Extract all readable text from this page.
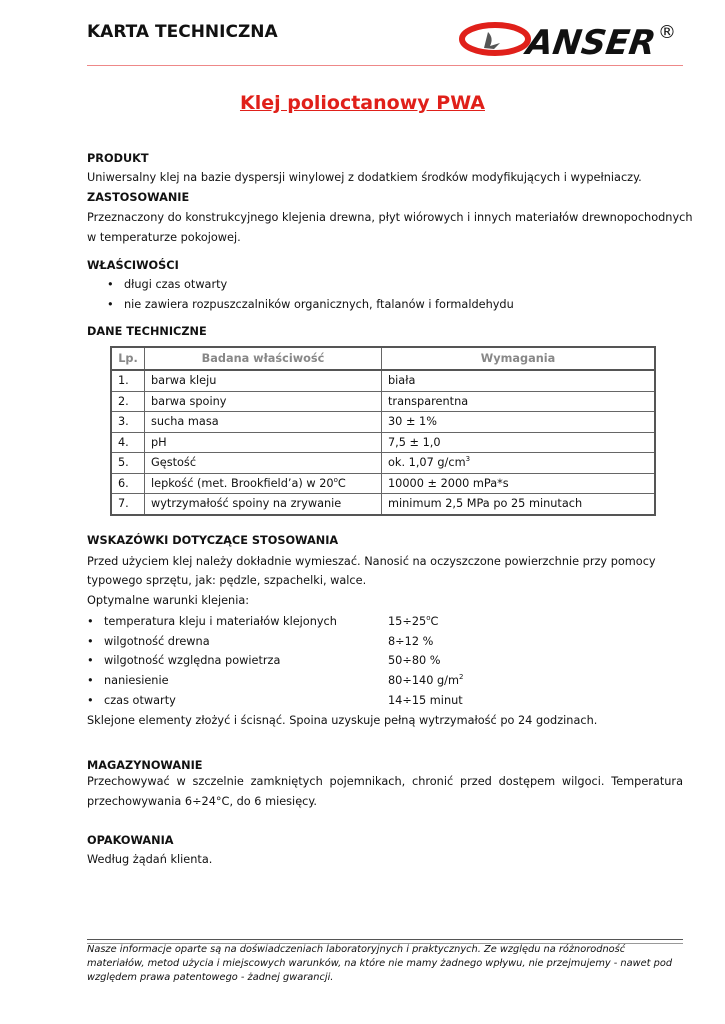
KARTA TECHNICZNA	ANSER ®
Klej polioctanowy PWA
PRODUKT
Uniwersalny klej na bazie dyspersji winylowej z dodatkiem środków modyfikujących i wypełniaczy.
ZASTOSOWANIE
Przeznaczony do konstrukcyjnego klejenia drewna, płyt wiórowych i innych materiałów drewnopochodnych
w temperaturze pokojowej.
WŁAŚCIWOŚCI
• długi czas otwarty
• nie zawiera rozpuszczalników organicznych, ftalanów i formaldehydu
DANE TECHNICZNE
Lp.	Badana właściwość	Wymagania
1.	barwa kleju	biała
2.	barwa spoiny	transparentna
3.	sucha masa	30 ± 1%
4.	pH	7,5 ± 1,0
5.	Gęstość	ok. 1,07 $g/cm^3$
6.	lepkość (met. Brookfield’a) w 20$^o$C	10000 ± 2000 mPa*s
7.	wytrzymałość spoiny na zrywanie	minimum 2,5 MPa po 25 minutach
WSKAZÓWKI DOTYCZĄCE STOSOWANIA
Przed użyciem klej należy dokładnie wymieszać. Nanosić na oczyszczone powierzchnie przy pomocy
typowego sprzętu, jak: pędzle, szpachelki, walce.
Optymalne warunki klejenia:
• temperatura kleju i materiałów klejonych	$15\div 25^oC$
• wilgotność drewna	8÷12 %
• wilgotność względna powietrza	50÷80 %
• naniesienie	80÷140 $g/m^2$
• czas otwarty	14÷15 minut
Sklejone elementy złożyć i ścisnąć. Spoina uzyskuje pełną wytrzymałość po 24 godzinach.
MAGAZYNOWANIE
Przechowywać w szczelnie zamkniętych pojemnikach, chronić przed dostępem wilgoci. Temperatura
przechowywania 6÷24°C, do 6 miesięcy.
OPAKOWANIA
Według żądań klienta.
Nasze informacje oparte są na doświadczeniach laboratoryjnych i praktycznych. Ze względu na różnorodność
materiałów, metod użycia i miejscowych warunków, na które nie mamy żadnego wpływu, nie przejmujemy - nawet pod
względem prawa patentowego - żadnej gwarancji.
